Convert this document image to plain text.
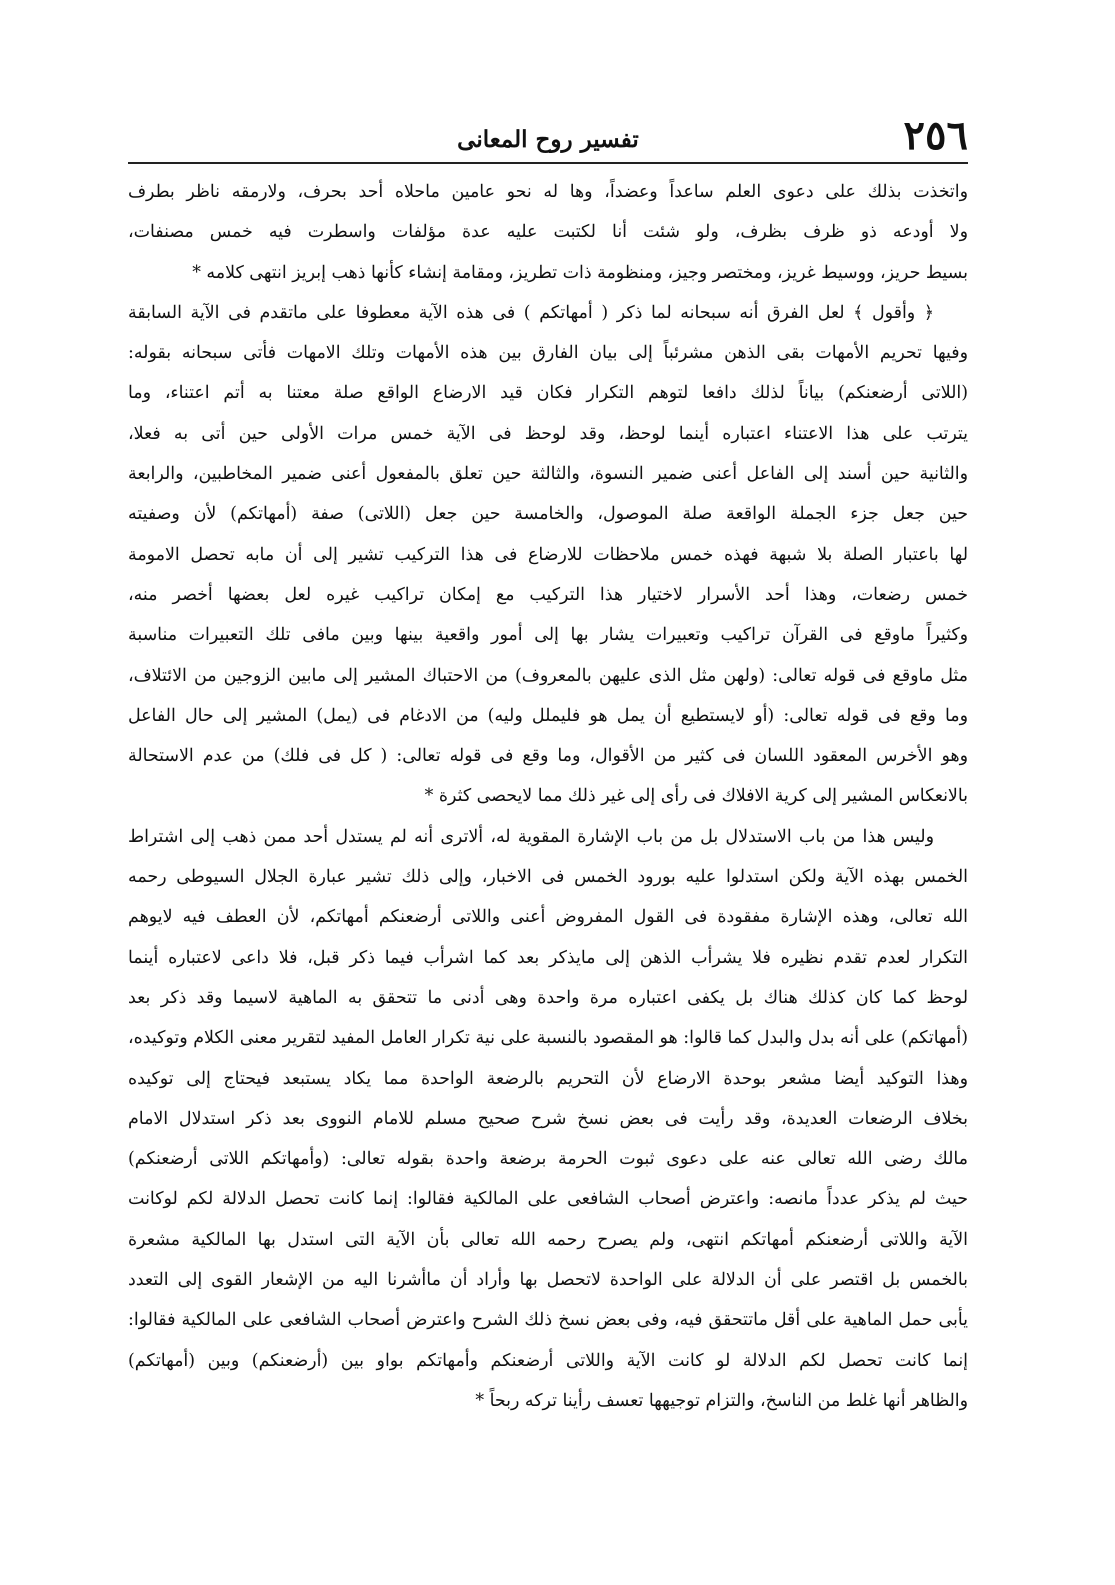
٢٥٦
تفسير روح المعانى
واتخذت بذلك على دعوى العلم ساعداً وعضداً، وها له نحو عامين ماحلاه أحد بحرف، ولارمقه ناظر بطرف
ولا أودعه ذو ظرف بظرف، ولو شئت أنا لكتبت عليه عدة مؤلفات واسطرت فيه خمس مصنفات،
بسيط حريز، ووسيط غريز، ومختصر وجيز، ومنظومة ذات تطريز، ومقامة إنشاء كأنها ذهب إبريز انتهى كلامه *
﴿ وأقول ﴾ لعل الفرق أنه سبحانه لما ذكر ( أمهاتكم ) فى هذه الآية معطوفا على ماتقدم فى الآية السابقة
وفيها تحريم الأمهات بقى الذهن مشرئباً إلى بيان الفارق بين هذه الأمهات وتلك الامهات فأتى سبحانه بقوله:
(اللاتى أرضعنكم) بياناً لذلك دافعا لتوهم التكرار فكان قيد الارضاع الواقع صلة معتنا به أتم اعتناء، وما
يترتب على هذا الاعتناء اعتباره أينما لوحظ، وقد لوحظ فى الآية خمس مرات الأولى حين أتى به فعلا،
والثانية حين أسند إلى الفاعل أعنى ضمير النسوة، والثالثة حين تعلق بالمفعول أعنى ضمير المخاطبين، والرابعة
حين جعل جزء الجملة الواقعة صلة الموصول، والخامسة حين جعل (اللاتى) صفة (أمهاتكم) لأن وصفيته
لها باعتبار الصلة بلا شبهة فهذه خمس ملاحظات للارضاع فى هذا التركيب تشير إلى أن مابه تحصل الامومة
خمس رضعات، وهذا أحد الأسرار لاختيار هذا التركيب مع إمكان تراكيب غيره لعل بعضها أخصر منه،
وكثيراً ماوقع فى القرآن تراكيب وتعبيرات يشار بها إلى أمور واقعية بينها وبين مافى تلك التعبيرات مناسبة
مثل ماوقع فى قوله تعالى: (ولهن مثل الذى عليهن بالمعروف) من الاحتباك المشير إلى مابين الزوجين من الائتلاف،
وما وقع فى قوله تعالى: (أو لايستطيع أن يمل هو فليملل وليه) من الادغام فى (يمل) المشير إلى حال الفاعل
وهو الأخرس المعقود اللسان فى كثير من الأقوال، وما وقع فى قوله تعالى: ( كل فى فلك) من عدم الاستحالة
بالانعكاس المشير إلى كرية الافلاك فى رأى إلى غير ذلك مما لايحصى كثرة *
وليس هذا من باب الاستدلال بل من باب الإشارة المقوية له، ألاترى أنه لم يستدل أحد ممن ذهب إلى اشتراط
الخمس بهذه الآية ولكن استدلوا عليه بورود الخمس فى الاخبار، وإلى ذلك تشير عبارة الجلال السيوطى رحمه
الله تعالى، وهذه الإشارة مفقودة فى القول المفروض أعنى واللاتى أرضعنكم أمهاتكم، لأن العطف فيه لايوهم
التكرار لعدم تقدم نظيره فلا يشرأب الذهن إلى مايذكر بعد كما اشرأب فيما ذكر قبل، فلا داعى لاعتباره أينما
لوحظ كما كان كذلك هناك بل يكفى اعتباره مرة واحدة وهى أدنى ما تتحقق به الماهية لاسيما وقد ذكر بعد
(أمهاتكم) على أنه بدل والبدل كما قالوا: هو المقصود بالنسبة على نية تكرار العامل المفيد لتقرير معنى الكلام وتوكيده،
وهذا التوكيد أيضا مشعر بوحدة الارضاع لأن التحريم بالرضعة الواحدة مما يكاد يستبعد فيحتاج إلى توكيده
بخلاف الرضعات العديدة، وقد رأيت فى بعض نسخ شرح صحيح مسلم للامام النووى بعد ذكر استدلال الامام
مالك رضى الله تعالى عنه على دعوى ثبوت الحرمة برضعة واحدة بقوله تعالى: (وأمهاتكم اللاتى أرضعنكم)
حيث لم يذكر عدداً مانصه: واعترض أصحاب الشافعى على المالكية فقالوا: إنما كانت تحصل الدلالة لكم لوكانت
الآية واللاتى أرضعنكم أمهاتكم انتهى، ولم يصرح رحمه الله تعالى بأن الآية التى استدل بها المالكية مشعرة
بالخمس بل اقتصر على أن الدلالة على الواحدة لاتحصل بها وأراد أن ماأشرنا اليه من الإشعار القوى إلى التعدد
يأبى حمل الماهية على أقل ماتتحقق فيه، وفى بعض نسخ ذلك الشرح واعترض أصحاب الشافعى على المالكية فقالوا:
إنما كانت تحصل لكم الدلالة لو كانت الآية واللاتى أرضعنكم وأمهاتكم بواو بين (أرضعنكم) وبين (أمهاتكم)
والظاهر أنها غلط من الناسخ، والتزام توجيهها تعسف رأينا تركه ربحاً *
